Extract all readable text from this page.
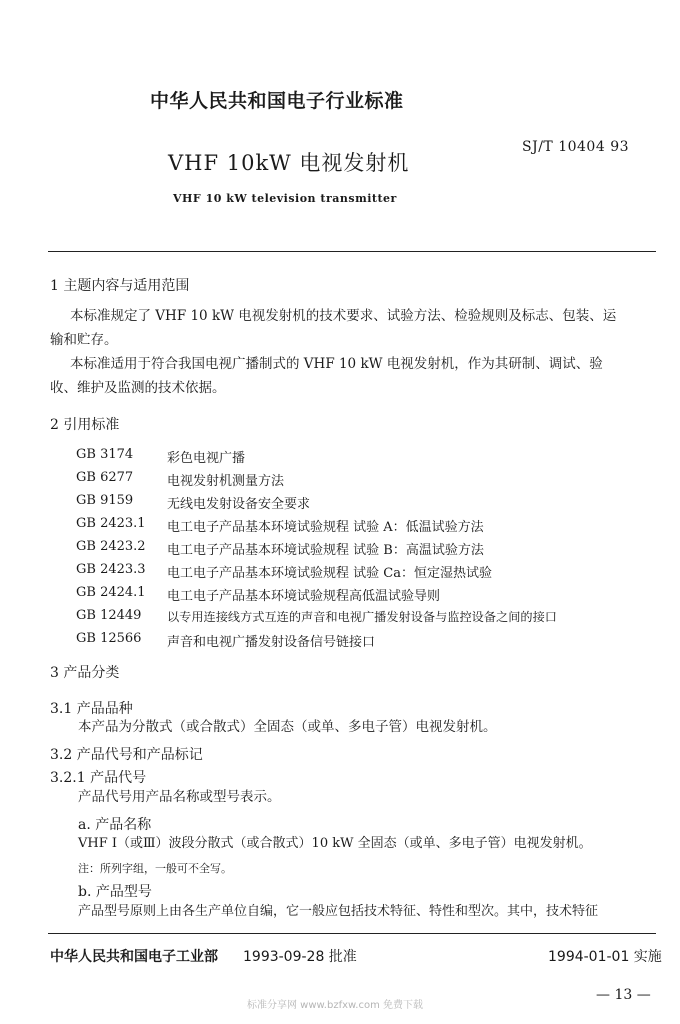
中华人民共和国电子行业标准
SJ/T 10404 93
VHF 10kW 电视发射机
VHF 10 kW television transmitter
1 主题内容与适用范围
本标准规定了 VHF 10 kW 电视发射机的技术要求、试验方法、检验规则及标志、包装、运
输和贮存。
本标准适用于符合我国电视广播制式的 VHF 10 kW 电视发射机，作为其研制、调试、验
收、维护及监测的技术依据。
2 引用标准
GB 3174	彩色电视广播
GB 6277	电视发射机测量方法
GB 9159	无线电发射设备安全要求
GB 2423.1 电工电子产品基本环境试验规程 试验 A：低温试验方法
GB 2423.2 电工电子产品基本环境试验规程 试验 B：高温试验方法
GB 2423.3 电工电子产品基本环境试验规程 试验 Ca：恒定湿热试验
GB 2424.1 电工电子产品基本环境试验规程高低温试验导则
GB 12449 以专用连接线方式互连的声音和电视广播发射设备与监控设备之间的接口
GB 12566 声音和电视广播发射设备信号链接口
3 产品分类
3.1 产品品种
本产品为分散式（或合散式）全固态（或单、多电子管）电视发射机。
3.2 产品代号和产品标记
3.2.1 产品代号
产品代号用产品名称或型号表示。
a. 产品名称
VHF Ⅰ（或Ⅲ）波段分散式（或合散式）10 kW 全固态（或单、多电子管）电视发射机。
注：所列字组，一般可不全写。
b. 产品型号
产品型号原则上由各生产单位自编，它一般应包括技术特征、特性和型次。其中，技术特征
中华人民共和国电子工业部 1993-09-28 批准	1994-01-01 实施
— 13 —
标准分享网 www.bzfxw.com 免费下载
